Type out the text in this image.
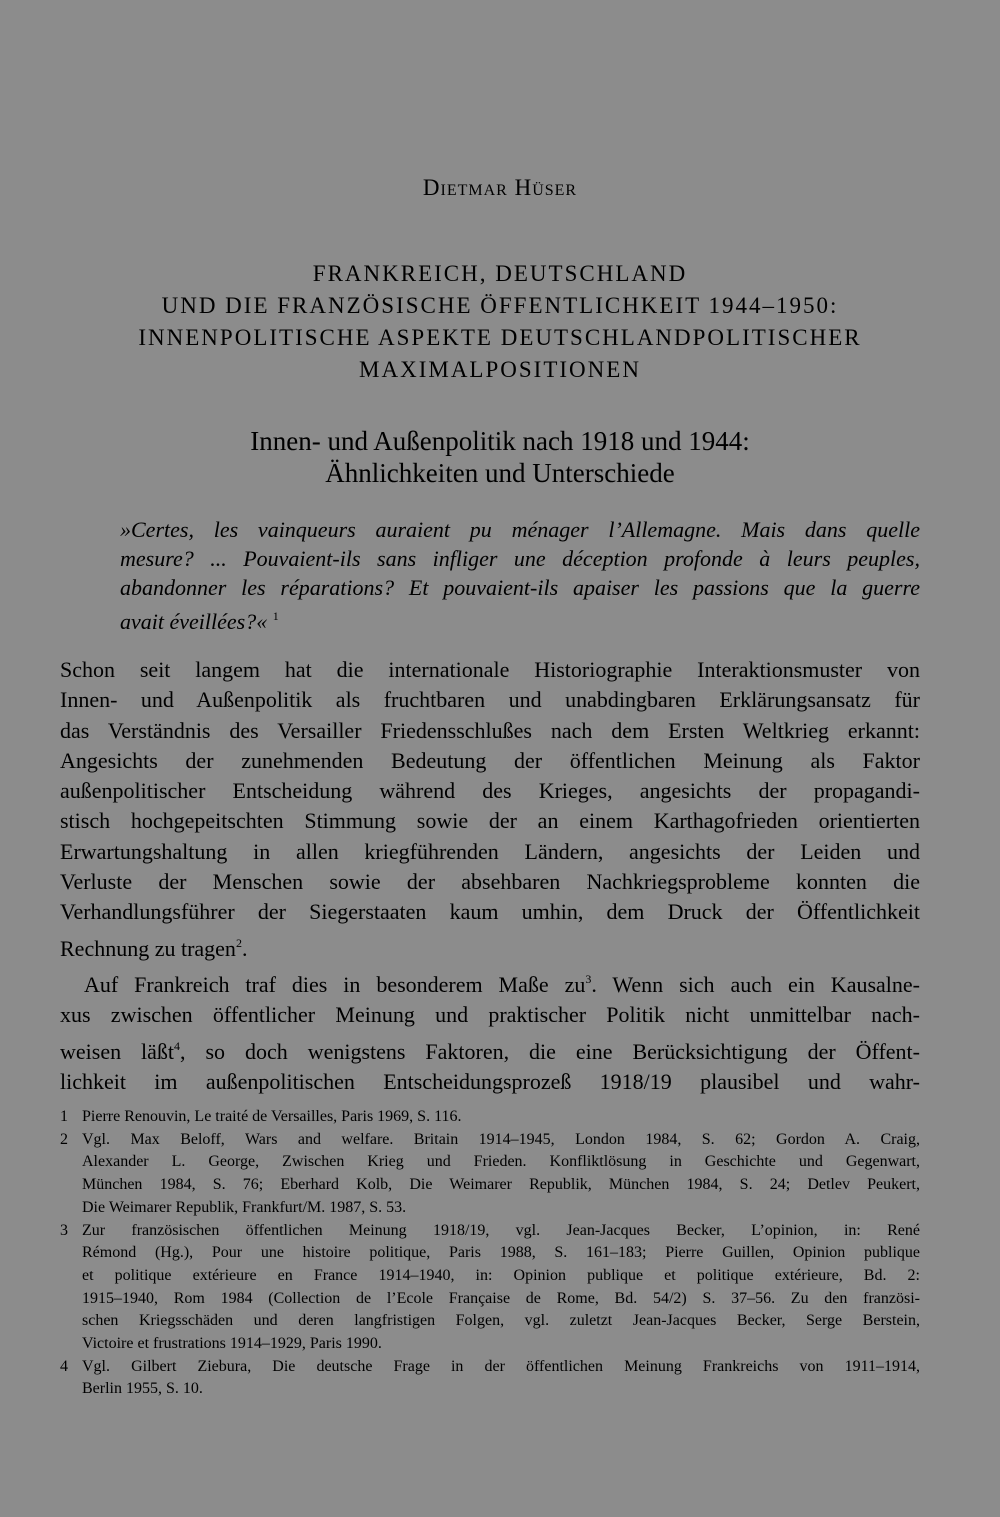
Dietmar Hüser
FRANKREICH, DEUTSCHLAND
UND DIE FRANZÖSISCHE ÖFFENTLICHKEIT 1944–1950:
INNENPOLITISCHE ASPEKTE DEUTSCHLANDPOLITISCHER
MAXIMALPOSITIONEN
Innen- und Außenpolitik nach 1918 und 1944:
Ähnlichkeiten und Unterschiede
»Certes, les vainqueurs auraient pu ménager l’Allemagne. Mais dans quelle
mesure? ... Pouvaient-ils sans infliger une déception profonde à leurs peuples,
abandonner les réparations? Et pouvaient-ils apaiser les passions que la guerre
avait éveillées?« $^1$
Schon seit langem hat die internationale Historiographie Interaktionsmuster von
Innen- und Außenpolitik als fruchtbaren und unabdingbaren Erklärungsansatz für
das Verständnis des Versailler Friedensschlußes nach dem Ersten Weltkrieg erkannt:
Angesichts der zunehmenden Bedeutung der öffentlichen Meinung als Faktor
außenpolitischer Entscheidung während des Krieges, angesichts der propagandi-
stisch hochgepeitschten Stimmung sowie der an einem Karthagofrieden orientierten
Erwartungshaltung in allen kriegführenden Ländern, angesichts der Leiden und
Verluste der Menschen sowie der absehbaren Nachkriegsprobleme konnten die
Verhandlungsführer der Siegerstaaten kaum umhin, dem Druck der Öffentlichkeit
Rechnung zu tragen$^2$.
Auf Frankreich traf dies in besonderem Maße $zu^3$. Wenn sich auch ein Kausalne-
xus zwischen öffentlicher Meinung und praktischer Politik nicht unmittelbar nach-
weisen läßt$^4$, so doch wenigstens Faktoren, die eine Berücksichtigung der Öffent-
lichkeit im außenpolitischen Entscheidungsprozeß 1918/19 plausibel und wahr-
1 Pierre Renouvin, Le traité de Versailles, Paris 1969, S. 116.
2 Vgl. Max Beloff, Wars and welfare. Britain 1914–1945, London 1984, S. 62; Gordon A. Craig,
Alexander L. George, Zwischen Krieg und Frieden. Konfliktlösung in Geschichte und Gegenwart,
München 1984, S. 76; Eberhard Kolb, Die Weimarer Republik, München 1984, S. 24; Detlev Peukert,
Die Weimarer Republik, Frankfurt/M. 1987, S. 53.
3 Zur französischen öffentlichen Meinung 1918/19, vgl. Jean-Jacques Becker, L’opinion, in: René
Rémond (Hg.), Pour une histoire politique, Paris 1988, S. 161–183; Pierre Guillen, Opinion publique
et politique extérieure en France 1914–1940, in: Opinion publique et politique extérieure, Bd. 2:
1915–1940, Rom 1984 (Collection de l’Ecole Française de Rome, Bd. 54/2) S. 37–56. Zu den französi-
schen Kriegsschäden und deren langfristigen Folgen, vgl. zuletzt Jean-Jacques Becker, Serge Berstein,
Victoire et frustrations 1914–1929, Paris 1990.
4 Vgl. Gilbert Ziebura, Die deutsche Frage in der öffentlichen Meinung Frankreichs von 1911–1914,
Berlin 1955, S. 10.
